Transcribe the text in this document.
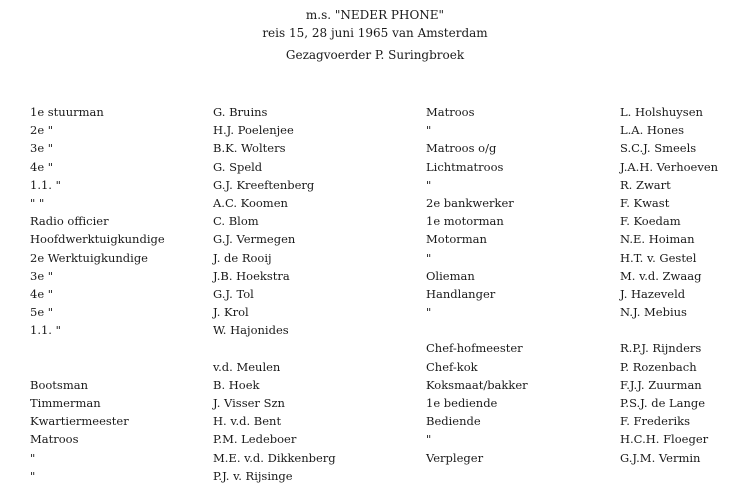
m.s. "NEDER PHONE"
reis 15, 28 juni 1965 van Amsterdam
Gezagvoerder P. Suringbroek
1e stuurman
2e "
3e "
4e "
1.1. "
" "
Radio officier
Hoofdwerktuigkundige
2e Werktuigkundige
3e "
4e "
5e "
1.1. "
Bootsman
Timmerman
Kwartiermeester
Matroos
"
"
G. Bruins
H.J. Poelenjee
B.K. Wolters
G. Speld
G.J. Kreeftenberg
A.C. Koomen
C. Blom
G.J. Vermegen
J. de Rooij
J.B. Hoekstra
G.J. Tol
J. Krol
W. Hajonides
v.d. Meulen
B. Hoek
J. Visser Szn
H. v.d. Bent
P.M. Ledeboer
M.E. v.d. Dikkenberg
P.J. v. Rijsinge
Matroos
"
Matroos o/g
Lichtmatroos
"
2e bankwerker
1e motorman
Motorman
"
Olieman
Handlanger
"
Chef-hofmeester
Chef-kok
Koksmaat/bakker
1e bediende
Bediende
"
Verpleger
L. Holshuysen
L.A. Hones
S.C.J. Smeels
J.A.H. Verhoeven
R. Zwart
F. Kwast
F. Koedam
N.E. Hoiman
H.T. v. Gestel
M. v.d. Zwaag
J. Hazeveld
N.J. Mebius
R.P.J. Rijnders
P. Rozenbach
F.J.J. Zuurman
P.S.J. de Lange
F. Frederiks
H.C.H. Floeger
G.J.M. Vermin
